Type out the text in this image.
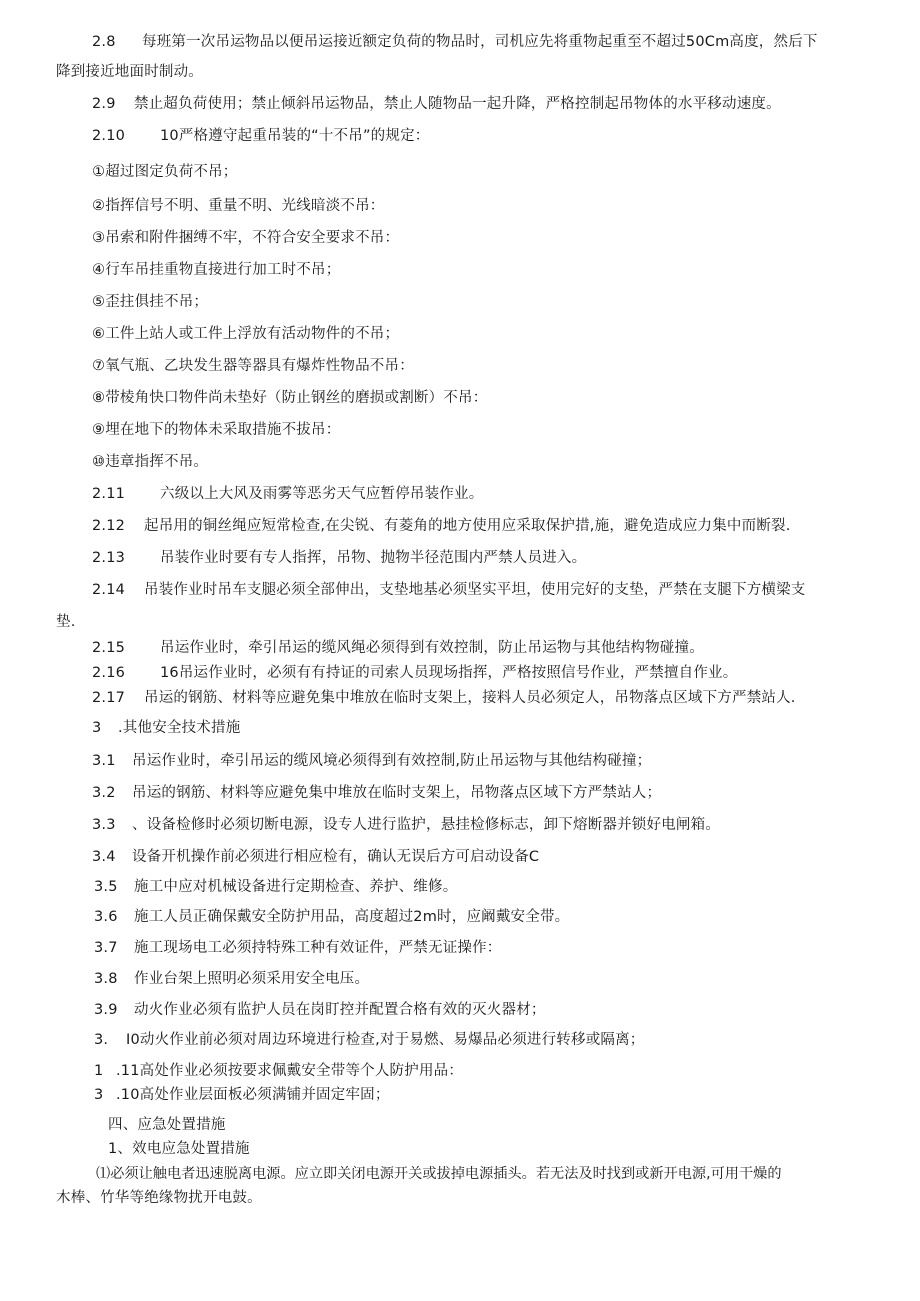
2.8 每班第一次吊运物品以便吊运接近额定负荷的物品时，司机应先将重物起重至不超过50Cm高度，然后下
降到接近地面时制动。
2.9 禁止超负荷使用；禁止倾斜吊运物品，禁止人随物品一起升降，严格控制起吊物体的水平移动速度。
2.10 10严格遵守起重吊装的“十不吊”的规定：
①超过图定负荷不吊；
②指挥信号不明、重量不明、光线暗淡不吊：
③吊索和附件捆缚不牢，不符合安全要求不吊：
④行车吊挂重物直接进行加工时不吊；
⑤歪拄俱挂不吊；
⑥工件上站人或工件上浮放有活动物件的不吊；
⑦氧气瓶、乙块发生器等器具有爆炸性物品不吊：
⑧带棱角快口物件尚未垫好（防止钢丝的磨损或割断）不吊：
⑨埋在地下的物体未采取措施不拔吊：
⑩违章指挥不吊。
2.11 六级以上大风及雨雾等恶劣天气应暂停吊装作业。
2.12 起吊用的铜丝绳应短常检查,在尖锐、有菱角的地方使用应采取保护措,施，避免造成应力集中而断裂.
2.13 吊装作业时要有专人指挥，吊物、抛物半径范围内严禁人员进入。
2.14 吊装作业时吊车支腿必须全部伸出，支垫地基必须坚实平坦，使用完好的支垫，严禁在支腿下方横梁支
垫.
2.15 吊运作业时，牵引吊运的缆风绳必须得到有效控制，防止吊运物与其他结构物碰撞。
2.16 16吊运作业时，必须有有持证的司索人员现场指挥，严格按照信号作业，严禁擅自作业。
2.17 吊运的钢筋、材料等应避免集中堆放在临时支架上，接料人员必须定人，吊物落点区域下方严禁站人.
3 .其他安全技术措施
3.1 吊运作业时，牵引吊运的缆风境必须得到有效控制,防止吊运物与其他结构碰撞；
3.2 吊运的钢筋、材料等应避免集中堆放在临时支架上，吊物落点区域下方严禁站人；
3.3 、设备检修时必须切断电源，设专人进行监护，悬挂检修标志，卸下熔断器并锁好电闸箱。
3.4 设备开机操作前必须进行相应检有，确认无误后方可启动设备C
3.5 施工中应对机械设备进行定期检查、养护、维修。
3.6 施工人员正确保戴安全防护用品，高度超过2m时，应阚戴安全带。
3.7 施工现场电工必须持特殊工种有效证件，严禁无证操作：
3.8 作业台架上照明必须采用安全电压。
3.9 动火作业必须有监护人员在岗盯控并配置合格有效的灭火器材；
3. I0动火作业前必须对周边环境进行检查,对于易燃、易爆品必须进行转移或隔离；
1 .11高处作业必须按要求佩戴安全带等个人防护用品：
3 .10高处作业层面板必须满铺并固定牢固；
四、应急处置措施
1、效电应急处置措施
⑴必须让触电者迅速脱离电源。应立即关闭电源开关或拔掉电源插头。若无法及时找到或新开电源,可用干燥的
木棒、竹华等绝缘物扰开电鼓。
